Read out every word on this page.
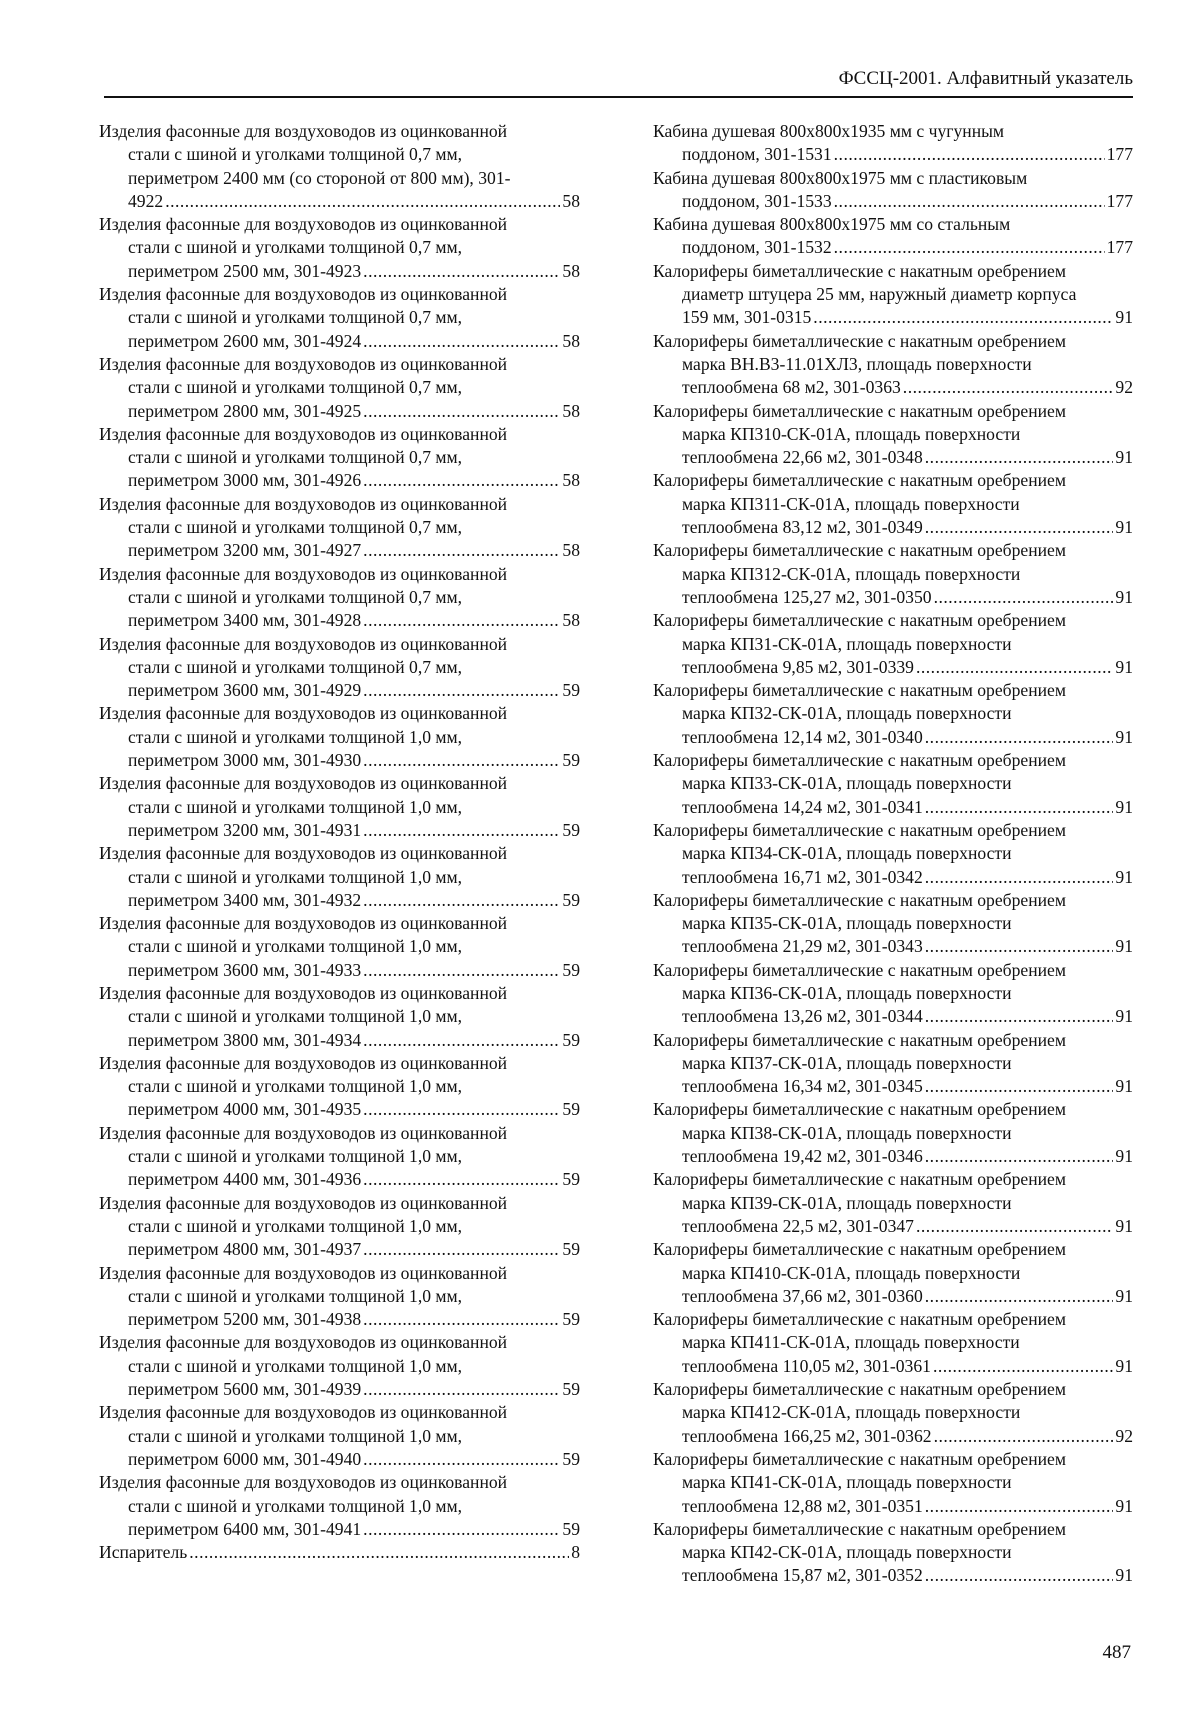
ФССЦ-2001. Алфавитный указатель
Изделия фасонные для воздуховодов из оцинкованной
стали с шиной и уголками толщиной 0,7 мм,
периметром 2400 мм (со стороной от 800 мм), 301-
4922 .....	58
Изделия фасонные для воздуховодов из оцинкованной
стали с шиной и уголками толщиной 0,7 мм,
периметром 2500 мм, 301-4923 .....	58
Изделия фасонные для воздуховодов из оцинкованной
стали с шиной и уголками толщиной 0,7 мм,
периметром 2600 мм, 301-4924 .....	58
Изделия фасонные для воздуховодов из оцинкованной
стали с шиной и уголками толщиной 0,7 мм,
периметром 2800 мм, 301-4925 .....	58
Изделия фасонные для воздуховодов из оцинкованной
стали с шиной и уголками толщиной 0,7 мм,
периметром 3000 мм, 301-4926 .....	58
Изделия фасонные для воздуховодов из оцинкованной
стали с шиной и уголками толщиной 0,7 мм,
периметром 3200 мм, 301-4927 .....	58
Изделия фасонные для воздуховодов из оцинкованной
стали с шиной и уголками толщиной 0,7 мм,
периметром 3400 мм, 301-4928 .....	58
Изделия фасонные для воздуховодов из оцинкованной
стали с шиной и уголками толщиной 0,7 мм,
периметром 3600 мм, 301-4929 .....	59
Изделия фасонные для воздуховодов из оцинкованной
стали с шиной и уголками толщиной 1,0 мм,
периметром 3000 мм, 301-4930 .....	59
Изделия фасонные для воздуховодов из оцинкованной
стали с шиной и уголками толщиной 1,0 мм,
периметром 3200 мм, 301-4931 .....	59
Изделия фасонные для воздуховодов из оцинкованной
стали с шиной и уголками толщиной 1,0 мм,
периметром 3400 мм, 301-4932 .....	59
Изделия фасонные для воздуховодов из оцинкованной
стали с шиной и уголками толщиной 1,0 мм,
периметром 3600 мм, 301-4933 .....	59
Изделия фасонные для воздуховодов из оцинкованной
стали с шиной и уголками толщиной 1,0 мм,
периметром 3800 мм, 301-4934 .....	59
Изделия фасонные для воздуховодов из оцинкованной
стали с шиной и уголками толщиной 1,0 мм,
периметром 4000 мм, 301-4935 .....	59
Изделия фасонные для воздуховодов из оцинкованной
стали с шиной и уголками толщиной 1,0 мм,
периметром 4400 мм, 301-4936 .....	59
Изделия фасонные для воздуховодов из оцинкованной
стали с шиной и уголками толщиной 1,0 мм,
периметром 4800 мм, 301-4937 .....	59
Изделия фасонные для воздуховодов из оцинкованной
стали с шиной и уголками толщиной 1,0 мм,
периметром 5200 мм, 301-4938 .....	59
Изделия фасонные для воздуховодов из оцинкованной
стали с шиной и уголками толщиной 1,0 мм,
периметром 5600 мм, 301-4939 .....	59
Изделия фасонные для воздуховодов из оцинкованной
стали с шиной и уголками толщиной 1,0 мм,
периметром 6000 мм, 301-4940 .....	59
Изделия фасонные для воздуховодов из оцинкованной
стали с шиной и уголками толщиной 1,0 мм,
периметром 6400 мм, 301-4941 .....	59
Испаритель .....	8
Кабина душевая 800х800х1935 мм с чугунным
поддоном, 301-1531 .....	177
Кабина душевая 800х800х1975 мм с пластиковым
поддоном, 301-1533 .....	177
Кабина душевая 800х800х1975 мм со стальным
поддоном, 301-1532 .....	177
Калориферы биметаллические с накатным оребрением
диаметр штуцера 25 мм, наружный диаметр корпуса
159 мм, 301-0315 .....	91
Калориферы биметаллические с накатным оребрением
марка ВН.В3-11.01ХЛ3, площадь поверхности
теплообмена 68 м2, 301-0363 .....	92
Калориферы биметаллические с накатным оребрением
марка КП310-СК-01А, площадь поверхности
теплообмена 22,66 м2, 301-0348 .....	91
Калориферы биметаллические с накатным оребрением
марка КП311-СК-01А, площадь поверхности
теплообмена 83,12 м2, 301-0349 .....	91
Калориферы биметаллические с накатным оребрением
марка КП312-СК-01А, площадь поверхности
теплообмена 125,27 м2, 301-0350 .....	91
Калориферы биметаллические с накатным оребрением
марка КП31-СК-01А, площадь поверхности
теплообмена 9,85 м2, 301-0339 .....	91
Калориферы биметаллические с накатным оребрением
марка КП32-СК-01А, площадь поверхности
теплообмена 12,14 м2, 301-0340 .....	91
Калориферы биметаллические с накатным оребрением
марка КП33-СК-01А, площадь поверхности
теплообмена 14,24 м2, 301-0341 .....	91
Калориферы биметаллические с накатным оребрением
марка КП34-СК-01А, площадь поверхности
теплообмена 16,71 м2, 301-0342 .....	91
Калориферы биметаллические с накатным оребрением
марка КП35-СК-01А, площадь поверхности
теплообмена 21,29 м2, 301-0343 .....	91
Калориферы биметаллические с накатным оребрением
марка КП36-СК-01А, площадь поверхности
теплообмена 13,26 м2, 301-0344 .....	91
Калориферы биметаллические с накатным оребрением
марка КП37-СК-01А, площадь поверхности
теплообмена 16,34 м2, 301-0345 .....	91
Калориферы биметаллические с накатным оребрением
марка КП38-СК-01А, площадь поверхности
теплообмена 19,42 м2, 301-0346 .....	91
Калориферы биметаллические с накатным оребрением
марка КП39-СК-01А, площадь поверхности
теплообмена 22,5 м2, 301-0347 .....	91
Калориферы биметаллические с накатным оребрением
марка КП410-СК-01А, площадь поверхности
теплообмена 37,66 м2, 301-0360 .....	91
Калориферы биметаллические с накатным оребрением
марка КП411-СК-01А, площадь поверхности
теплообмена 110,05 м2, 301-0361 .....	91
Калориферы биметаллические с накатным оребрением
марка КП412-СК-01А, площадь поверхности
теплообмена 166,25 м2, 301-0362 .....	92
Калориферы биметаллические с накатным оребрением
марка КП41-СК-01А, площадь поверхности
теплообмена 12,88 м2, 301-0351 .....	91
Калориферы биметаллические с накатным оребрением
марка КП42-СК-01А, площадь поверхности
теплообмена 15,87 м2, 301-0352 .....	91
487
